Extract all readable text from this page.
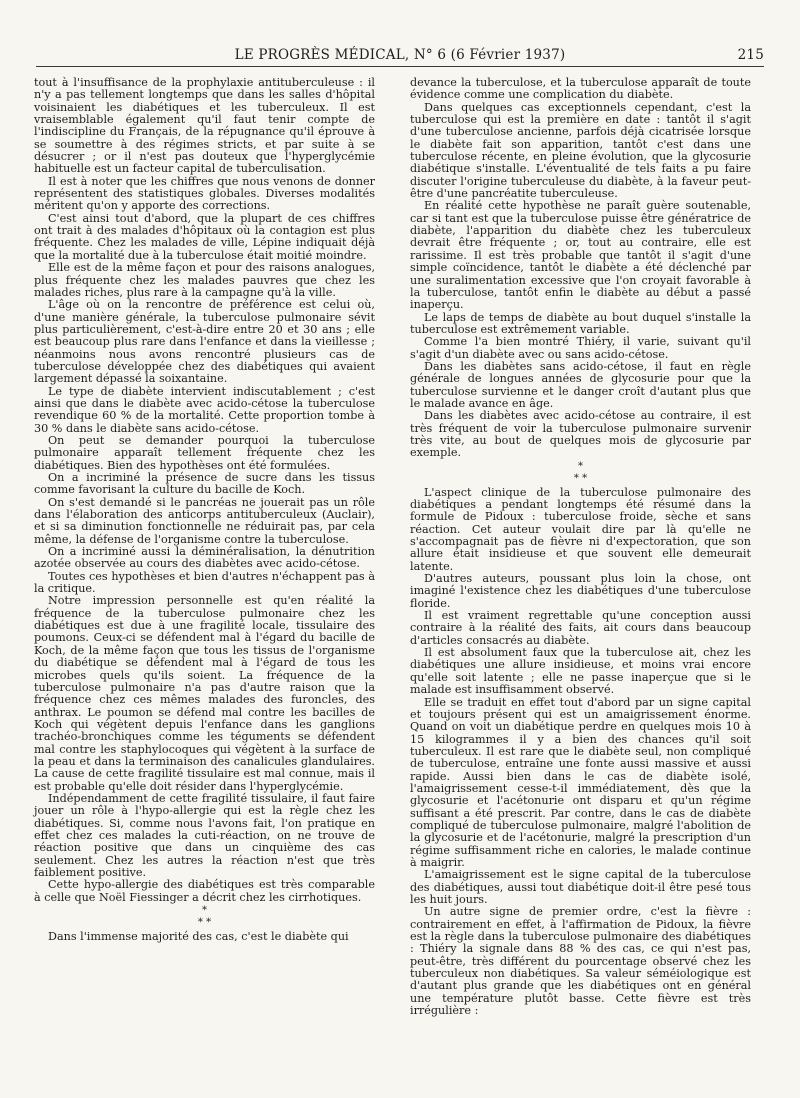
LE PROGRÈS MÉDICAL, N° 6 (6 Février 1937)	215

tout à l'insuffisance de la prophylaxie antituberculeuse : il n'y a pas tellement longtemps que dans les salles d'hôpital voisinaient les diabétiques et les tuberculeux. Il est vraisemblable également qu'il faut tenir compte de l'indiscipline du Français, de la répugnance qu'il éprouve à se soumettre à des régimes stricts, et par suite à se désucrer ; or il n'est pas douteux que l'hyperglycémie habituelle est un facteur capital de tuberculisation.

Il est à noter que les chiffres que nous venons de donner représentent des statistiques globales. Diverses modalités méritent qu'on y apporte des corrections.

C'est ainsi tout d'abord, que la plupart de ces chiffres ont trait à des malades d'hôpitaux où la contagion est plus fréquente. Chez les malades de ville, Lépine indiquait déjà que la mortalité due à la tuberculose était moitié moindre.

Elle est de la même façon et pour des raisons analogues, plus fréquente chez les malades pauvres que chez les malades riches, plus rare à la campagne qu'à la ville.

L'âge où on la rencontre de préférence est celui où, d'une manière générale, la tuberculose pulmonaire sévit plus particulièrement, c'est-à-dire entre 20 et 30 ans ; elle est beaucoup plus rare dans l'enfance et dans la vieillesse ; néanmoins nous avons rencontré plusieurs cas de tuberculose développée chez des diabétiques qui avaient largement dépassé la soixantaine.

Le type de diabète intervient indiscutablement ; c'est ainsi que dans le diabète avec acido-cétose la tuberculose revendique 60 % de la mortalité. Cette proportion tombe à 30 % dans le diabète sans acido-cétose.

On peut se demander pourquoi la tuberculose pulmonaire apparaît tellement fréquente chez les diabétiques. Bien des hypothèses ont été formulées.

On a incriminé la présence de sucre dans les tissus comme favorisant la culture du bacille de Koch.

On s'est demandé si le pancréas ne jouerait pas un rôle dans l'élaboration des anticorps antituberculeux (Auclair), et si sa diminution fonctionnelle ne réduirait pas, par cela même, la défense de l'organisme contre la tuberculose.

On a incriminé aussi la déminéralisation, la dénutrition azotée observée au cours des diabètes avec acido-cétose.

Toutes ces hypothèses et bien d'autres n'échappent pas à la critique.

Notre impression personnelle est qu'en réalité la fréquence de la tuberculose pulmonaire chez les diabétiques est due à une fragilité locale, tissulaire des poumons. Ceux-ci se défendent mal à l'égard du bacille de Koch, de la même façon que tous les tissus de l'organisme du diabétique se défendent mal à l'égard de tous les microbes quels qu'ils soient. La fréquence de la tuberculose pulmonaire n'a pas d'autre raison que la fréquence chez ces mêmes malades des furoncles, des anthrax. Le poumon se défend mal contre les bacilles de Koch qui végètent depuis l'enfance dans les ganglions trachéo-bronchiques comme les téguments se défendent mal contre les staphylocoques qui végètent à la surface de la peau et dans la terminaison des canalicules glandulaires. La cause de cette fragilité tissulaire est mal connue, mais il est probable qu'elle doit résider dans l'hyperglycémie.

Indépendamment de cette fragilité tissulaire, il faut faire jouer un rôle à l'hypo-allergie qui est la règle chez les diabétiques. Si, comme nous l'avons fait, l'on pratique en effet chez ces malades la cuti-réaction, on ne trouve de réaction positive que dans un cinquième des cas seulement. Chez les autres la réaction n'est que très faiblement positive.

Cette hypo-allergie des diabétiques est très comparable à celle que Noël Fiessinger a décrit chez les cirrhotiques.

*
* *

Dans l'immense majorité des cas, c'est le diabète qui

devance la tuberculose, et la tuberculose apparaît de toute évidence comme une complication du diabète.

Dans quelques cas exceptionnels cependant, c'est la tuberculose qui est la première en date : tantôt il s'agit d'une tuberculose ancienne, parfois déjà cicatrisée lorsque le diabète fait son apparition, tantôt c'est dans une tuberculose récente, en pleine évolution, que la glycosurie diabétique s'installe. L'éventualité de tels faits a pu faire discuter l'origine tuberculeuse du diabète, à la faveur peut-être d'une pancréatite tuberculeuse.

En réalité cette hypothèse ne paraît guère soutenable, car si tant est que la tuberculose puisse être génératrice de diabète, l'apparition du diabète chez les tuberculeux devrait être fréquente ; or, tout au contraire, elle est rarissime. Il est très probable que tantôt il s'agit d'une simple coïncidence, tantôt le diabète a été déclenché par une suralimentation excessive que l'on croyait favorable à la tuberculose, tantôt enfin le diabète au début a passé inaperçu.

Le laps de temps de diabète au bout duquel s'installe la tuberculose est extrêmement variable.

Comme l'a bien montré Thiéry, il varie, suivant qu'il s'agit d'un diabète avec ou sans acido-cétose.

Dans les diabètes sans acido-cétose, il faut en règle générale de longues années de glycosurie pour que la tuberculose survienne et le danger croît d'autant plus que le malade avance en âge.

Dans les diabètes avec acido-cétose au contraire, il est très fréquent de voir la tuberculose pulmonaire survenir très vite, au bout de quelques mois de glycosurie par exemple.

*
* *

L'aspect clinique de la tuberculose pulmonaire des diabétiques a pendant longtemps été résumé dans la formule de Pidoux : tuberculose froide, sèche et sans réaction. Cet auteur voulait dire par là qu'elle ne s'accompagnait pas de fièvre ni d'expectoration, que son allure était insidieuse et que souvent elle demeurait latente.

D'autres auteurs, poussant plus loin la chose, ont imaginé l'existence chez les diabétiques d'une tuberculose floride.

Il est vraiment regrettable qu'une conception aussi contraire à la réalité des faits, ait cours dans beaucoup d'articles consacrés au diabète.

Il est absolument faux que la tuberculose ait, chez les diabétiques une allure insidieuse, et moins vrai encore qu'elle soit latente ; elle ne passe inaperçue que si le malade est insuffisamment observé.

Elle se traduit en effet tout d'abord par un signe capital et toujours présent qui est un amaigrissement énorme. Quand on voit un diabétique perdre en quelques mois 10 à 15 kilogrammes il y a bien des chances qu'il soit tuberculeux. Il est rare que le diabète seul, non compliqué de tuberculose, entraîne une fonte aussi massive et aussi rapide. Aussi bien dans le cas de diabète isolé, l'amaigrissement cesse-t-il immédiatement, dès que la glycosurie et l'acétonurie ont disparu et qu'un régime suffisant a été prescrit. Par contre, dans le cas de diabète compliqué de tuberculose pulmonaire, malgré l'abolition de la glycosurie et de l'acétonurie, malgré la prescription d'un régime suffisamment riche en calories, le malade continue à maigrir.

L'amaigrissement est le signe capital de la tuberculose des diabétiques, aussi tout diabétique doit-il être pesé tous les huit jours.

Un autre signe de premier ordre, c'est la fièvre : contrairement en effet, à l'affirmation de Pidoux, la fièvre est la règle dans la tuberculose pulmonaire des diabétiques : Thiéry la signale dans 88 % des cas, ce qui n'est pas, peut-être, très différent du pourcentage observé chez les tuberculeux non diabétiques. Sa valeur séméiologique est d'autant plus grande que les diabétiques ont en général une température plutôt basse. Cette fièvre est très irrégulière :
